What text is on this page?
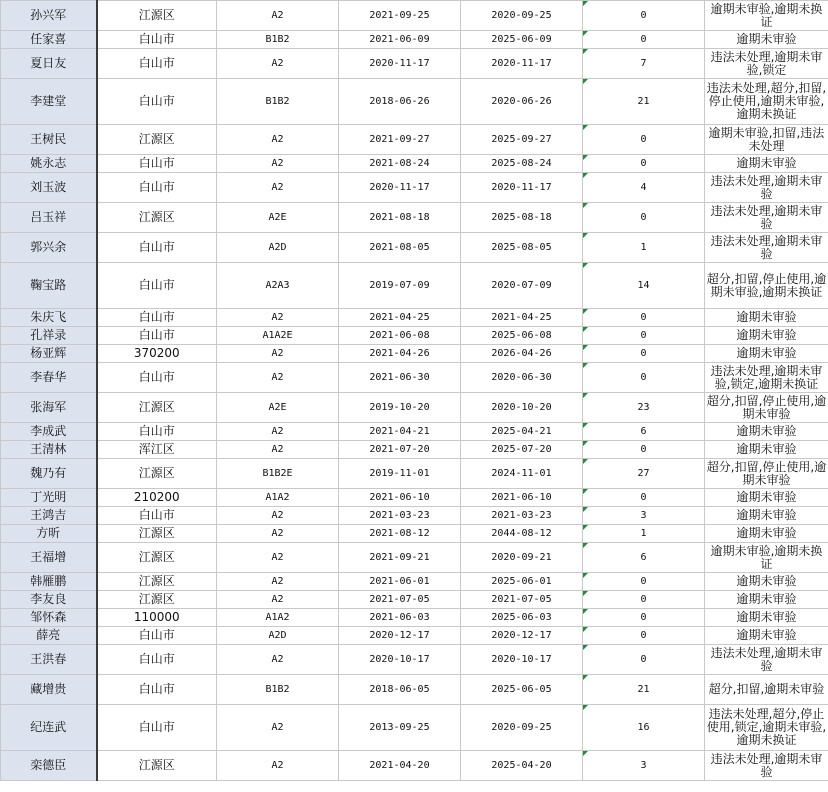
孙兴军	江源区	A2	2021-09-25	2020-09-25	0	逾期未审验,逾期未换证
任家喜	白山市	B1B2	2021-06-09	2025-06-09	0	逾期未审验
夏日友	白山市	A2	2020-11-17	2020-11-17	7	违法未处理,逾期未审验,锁定
李建堂	白山市	B1B2	2018-06-26	2020-06-26	21	违法未处理,超分,扣留,停止使用,逾期未审验,逾期未换证
王树民	江源区	A2	2021-09-27	2025-09-27	0	逾期未审验,扣留,违法未处理
姚永志	白山市	A2	2021-08-24	2025-08-24	0	逾期未审验
刘玉波	白山市	A2	2020-11-17	2020-11-17	4	违法未处理,逾期未审验
吕玉祥	江源区	A2E	2021-08-18	2025-08-18	0	违法未处理,逾期未审验
郭兴余	白山市	A2D	2021-08-05	2025-08-05	1	违法未处理,逾期未审验
鞠宝路	白山市	A2A3	2019-07-09	2020-07-09	14	超分,扣留,停止使用,逾期未审验,逾期未换证
朱庆飞	白山市	A2	2021-04-25	2021-04-25	0	逾期未审验
孔祥录	白山市	A1A2E	2021-06-08	2025-06-08	0	逾期未审验
杨亚辉	370200	A2	2021-04-26	2026-04-26	0	逾期未审验
李春华	白山市	A2	2021-06-30	2020-06-30	0	违法未处理,逾期未审验,锁定,逾期未换证
张海军	江源区	A2E	2019-10-20	2020-10-20	23	超分,扣留,停止使用,逾期未审验
李成武	白山市	A2	2021-04-21	2025-04-21	6	逾期未审验
王清林	浑江区	A2	2021-07-20	2025-07-20	0	逾期未审验
魏乃有	江源区	B1B2E	2019-11-01	2024-11-01	27	超分,扣留,停止使用,逾期未审验
丁光明	210200	A1A2	2021-06-10	2021-06-10	0	逾期未审验
王鸿吉	白山市	A2	2021-03-23	2021-03-23	3	逾期未审验
方昕	江源区	A2	2021-08-12	2044-08-12	1	逾期未审验
王福增	江源区	A2	2021-09-21	2020-09-21	6	逾期未审验,逾期未换证
韩雁鹏	江源区	A2	2021-06-01	2025-06-01	0	逾期未审验
李友良	江源区	A2	2021-07-05	2021-07-05	0	逾期未审验
邹怀森	110000	A1A2	2021-06-03	2025-06-03	0	逾期未审验
薛亮	白山市	A2D	2020-12-17	2020-12-17	0	逾期未审验
王洪春	白山市	A2	2020-10-17	2020-10-17	0	违法未处理,逾期未审验
藏增贵	白山市	B1B2	2018-06-05	2025-06-05	21	超分,扣留,逾期未审验
纪连武	白山市	A2	2013-09-25	2020-09-25	16	违法未处理,超分,停止使用,锁定,逾期未审验,逾期未换证
栾德臣	江源区	A2	2021-04-20	2025-04-20	3	违法未处理,逾期未审验
